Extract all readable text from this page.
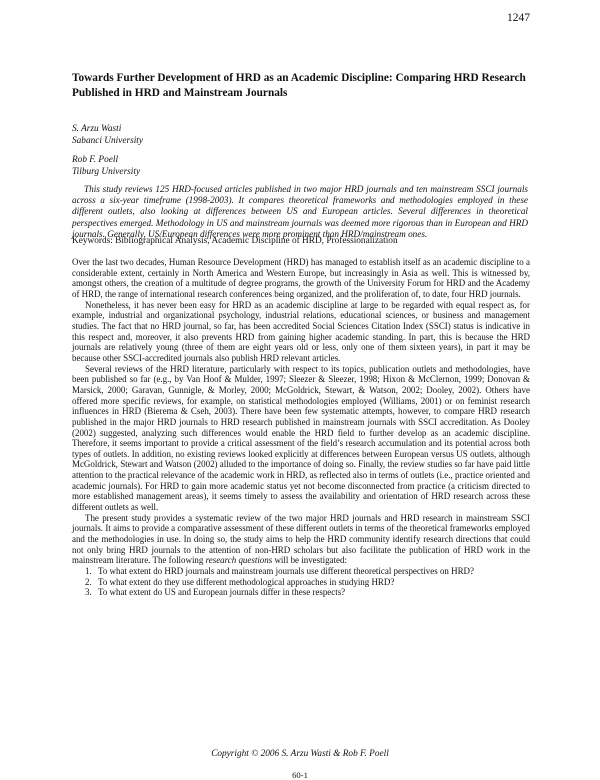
1247
Towards Further Development of HRD as an Academic Discipline: Comparing HRD Research Published in HRD and Mainstream Journals
S. Arzu Wasti
Sabanci University
Rob F. Poell
Tilburg University

This study reviews 125 HRD-focused articles published in two major HRD journals and ten mainstream SSCI journals across a six-year timeframe (1998-2003). It compares theoretical frameworks and methodologies employed in these different outlets, also looking at differences between US and European articles. Several differences in theoretical perspectives emerged. Methodology in US and mainstream journals was deemed more rigorous than in European and HRD journals. Generally, US/European differences were more prominent than HRD/mainstream ones.

Keywords: Bibliographical Analysis, Academic Discipline of HRD, Professionalization

Over the last two decades, Human Resource Development (HRD) has managed to establish itself as an academic discipline to a considerable extent, certainly in North America and Western Europe, but increasingly in Asia as well. This is witnessed by, amongst others, the creation of a multitude of degree programs, the growth of the University Forum for HRD and the Academy of HRD, the range of international research conferences being organized, and the proliferation of, to date, four HRD journals.

Nonetheless, it has never been easy for HRD as an academic discipline at large to be regarded with equal respect as, for example, industrial and organizational psychology, industrial relations, educational sciences, or business and management studies. The fact that no HRD journal, so far, has been accredited Social Sciences Citation Index (SSCI) status is indicative in this respect and, moreover, it also prevents HRD from gaining higher academic standing. In part, this is because the HRD journals are relatively young (three of them are eight years old or less, only one of them sixteen years), in part it may be because other SSCI-accredited journals also publish HRD relevant articles.

Several reviews of the HRD literature, particularly with respect to its topics, publication outlets and methodologies, have been published so far (e.g., by Van Hoof & Mulder, 1997; Sleezer & Sleezer, 1998; Hixon & McClernon, 1999; Donovan & Marsick, 2000; Garavan, Gunnigle, & Morley, 2000; McGoldrick, Stewart, & Watson, 2002; Dooley, 2002). Others have offered more specific reviews, for example, on statistical methodologies employed (Williams, 2001) or on feminist research influences in HRD (Bierema & Cseh, 2003). There have been few systematic attempts, however, to compare HRD research published in the major HRD journals to HRD research published in mainstream journals with SSCI accreditation. As Dooley (2002) suggested, analyzing such differences would enable the HRD field to further develop as an academic discipline. Therefore, it seems important to provide a critical assessment of the field’s research accumulation and its potential across both types of outlets. In addition, no existing reviews looked explicitly at differences between European versus US outlets, although McGoldrick, Stewart and Watson (2002) alluded to the importance of doing so. Finally, the review studies so far have paid little attention to the practical relevance of the academic work in HRD, as reflected also in terms of outlets (i.e., practice oriented and academic journals). For HRD to gain more academic status yet not become disconnected from practice (a criticism directed to more established management areas), it seems timely to assess the availability and orientation of HRD research across these different outlets as well.

The present study provides a systematic review of the two major HRD journals and HRD research in mainstream SSCI journals. It aims to provide a comparative assessment of these different outlets in terms of the theoretical frameworks employed and the methodologies in use. In doing so, the study aims to help the HRD community identify research directions that could not only bring HRD journals to the attention of non-HRD scholars but also facilitate the publication of HRD work in the mainstream literature. The following research questions will be investigated:

1. To what extent do HRD journals and mainstream journals use different theoretical perspectives on HRD?
2. To what extent do they use different methodological approaches in studying HRD?
3. To what extent do US and European journals differ in these respects?
Copyright © 2006 S. Arzu Wasti & Rob F. Poell
60-1
